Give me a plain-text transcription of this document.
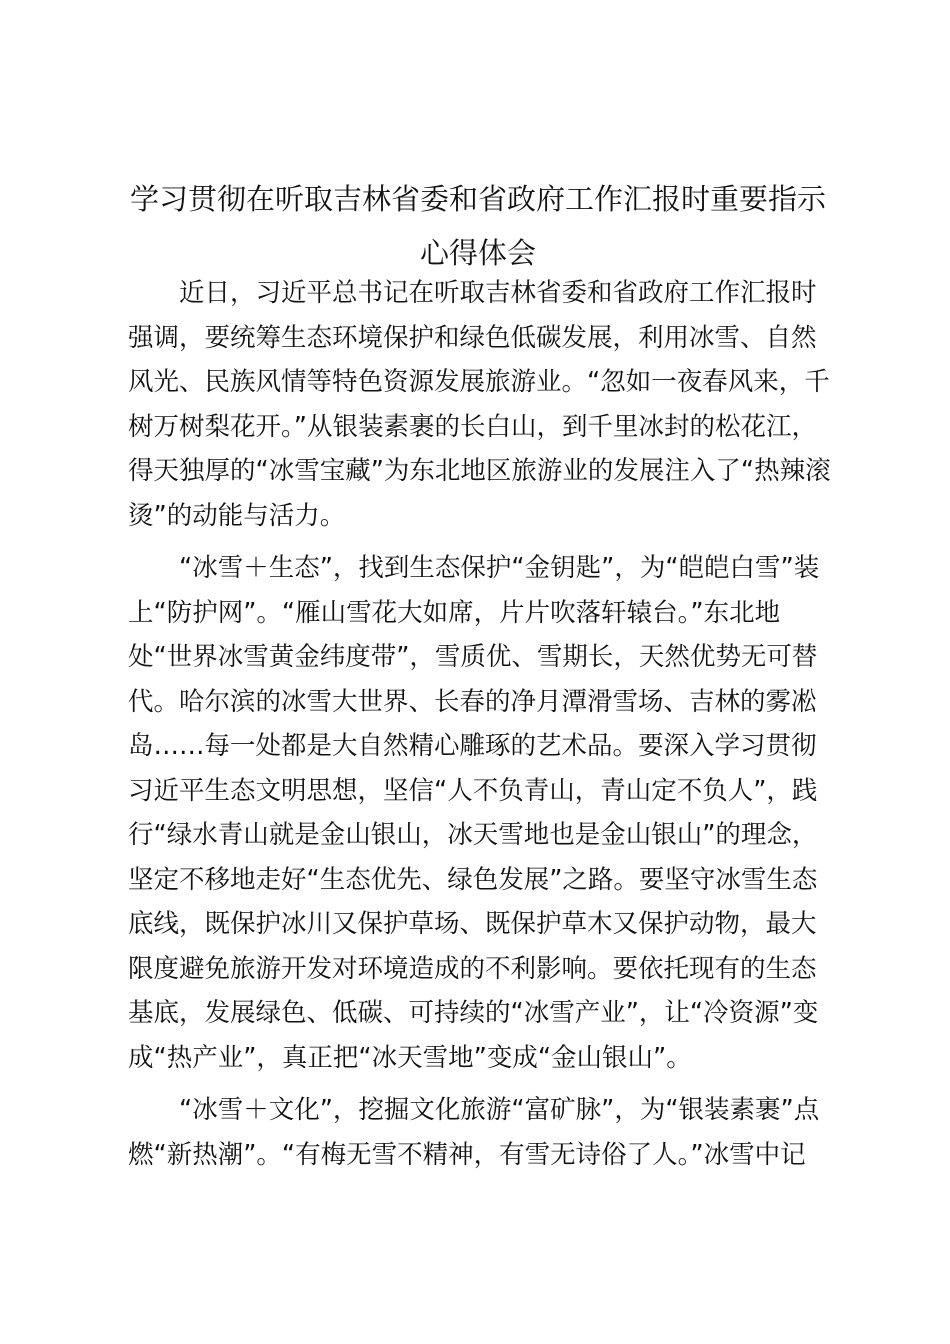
学习贯彻在听取吉林省委和省政府工作汇报时重要指示
心得体会
　　近日，习近平总书记在听取吉林省委和省政府工作汇报时
强调，要统筹生态环境保护和绿色低碳发展，利用冰雪、自然
风光、民族风情等特色资源发展旅游业。“忽如一夜春风来，千
树万树梨花开。”从银装素裹的长白山，到千里冰封的松花江，
得天独厚的“冰雪宝藏”为东北地区旅游业的发展注入了“热辣滚
烫”的动能与活力。
　　“冰雪＋生态”，找到生态保护“金钥匙”，为“皑皑白雪”装
上“防护网”。“雁山雪花大如席，片片吹落轩辕台。”东北地
处“世界冰雪黄金纬度带”，雪质优、雪期长，天然优势无可替
代。哈尔滨的冰雪大世界、长春的净月潭滑雪场、吉林的雾凇
岛……每一处都是大自然精心雕琢的艺术品。要深入学习贯彻
习近平生态文明思想，坚信“人不负青山，青山定不负人”，践
行“绿水青山就是金山银山，冰天雪地也是金山银山”的理念，
坚定不移地走好“生态优先、绿色发展”之路。要坚守冰雪生态
底线，既保护冰川又保护草场、既保护草木又保护动物，最大
限度避免旅游开发对环境造成的不利影响。要依托现有的生态
基底，发展绿色、低碳、可持续的“冰雪产业”，让“冷资源”变
成“热产业”，真正把“冰天雪地”变成“金山银山”。
　　“冰雪＋文化”，挖掘文化旅游“富矿脉”，为“银装素裹”点
燃“新热潮”。“有梅无雪不精神，有雪无诗俗了人。”冰雪中记
